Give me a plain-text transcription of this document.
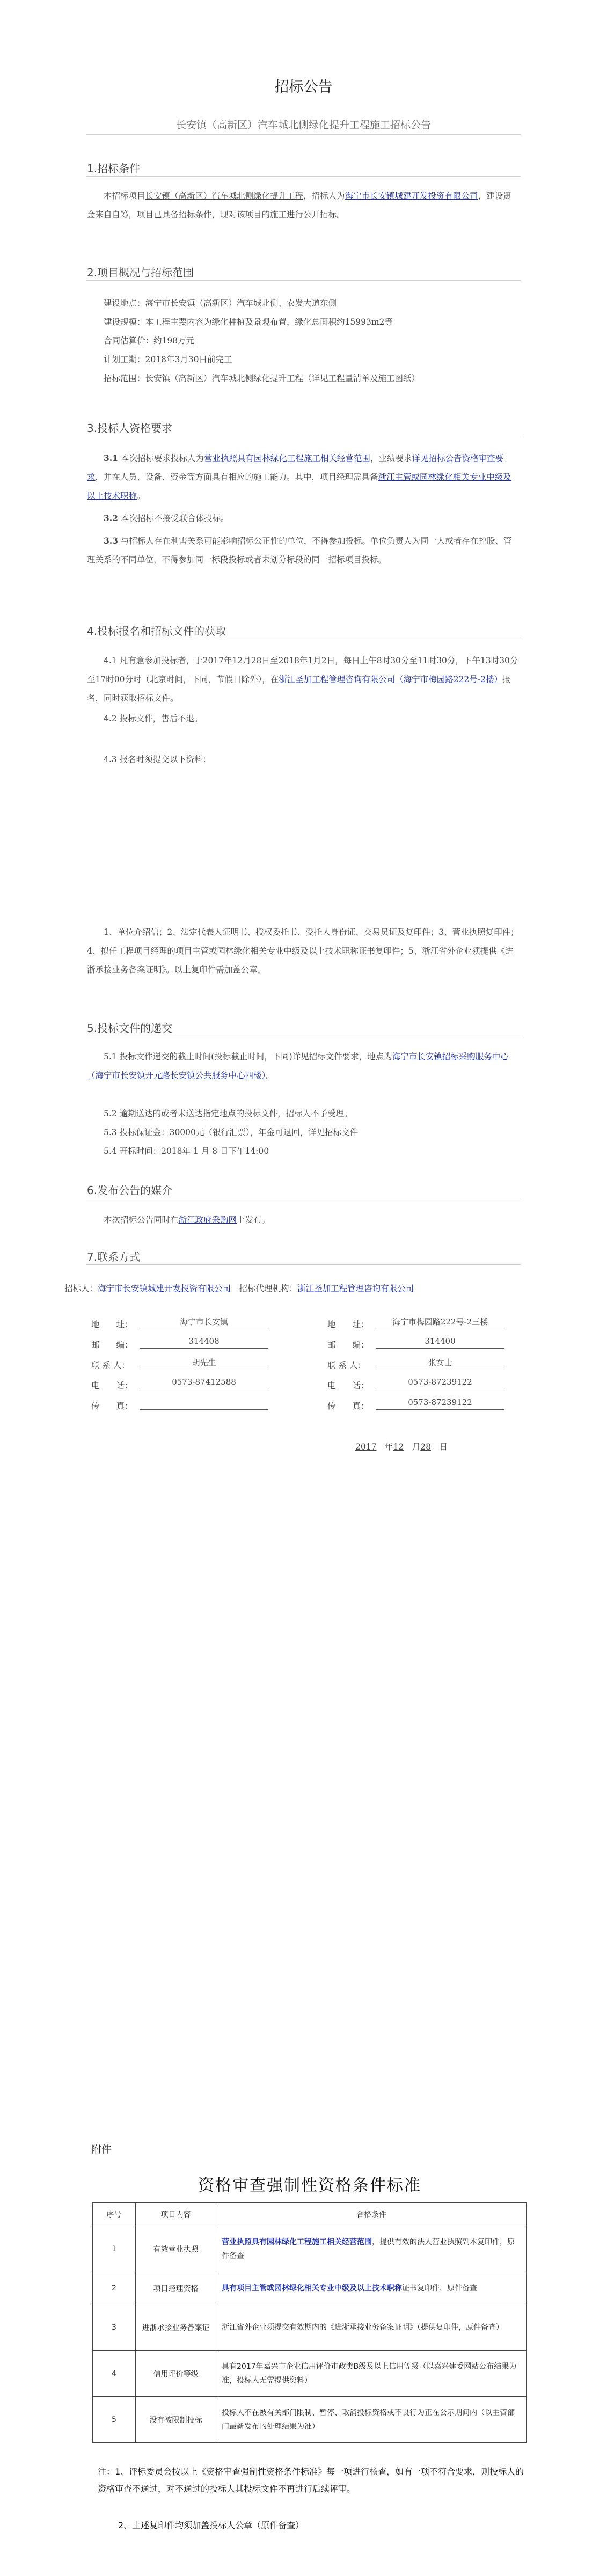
招标公告
长安镇（高新区）汽车城北侧绿化提升工程施工招标公告
1.招标条件
本招标项目长安镇（高新区）汽车城北侧绿化提升工程，招标人为海宁市长安镇城建开发投资有限公司，建设资金来自自筹，项目已具备招标条件，现对该项目的施工进行公开招标。
2.项目概况与招标范围
建设地点：海宁市长安镇（高新区）汽车城北侧、农发大道东侧
建设规模：本工程主要内容为绿化种植及景观布置，绿化总面积约15993m2等
合同估算价：约198万元
计划工期：2018年3月30日前完工
招标范围：长安镇（高新区）汽车城北侧绿化提升工程（详见工程量清单及施工图纸）
3.投标人资格要求
3.1 本次招标要求投标人为营业执照具有园林绿化工程施工相关经营范围，业绩要求详见招标公告资格审查要求，并在人员、设备、资金等方面具有相应的施工能力。其中，项目经理需具备浙江主管或园林绿化相关专业中级及以上技术职称。
3.2 本次招标不接受联合体投标。
3.3 与招标人存在利害关系可能影响招标公正性的单位，不得参加投标。单位负责人为同一人或者存在控股、管理关系的不同单位，不得参加同一标段投标或者未划分标段的同一招标项目投标。
4.投标报名和招标文件的获取
4.1 凡有意参加投标者，于2017年12月28日至2018年1月2日，每日上午8时30分至11时30分，下午13时30分至17时00分时（北京时间，下同，节假日除外），在浙江圣加工程管理咨询有限公司（海宁市梅园路222号-2楼）报名，同时获取招标文件。
4.2 投标文件，售后不退。
4.3 报名时须提交以下资料：
1、单位介绍信；2、法定代表人证明书、授权委托书、受托人身份证、交易员证及复印件；3、营业执照复印件；4、拟任工程项目经理的项目主管或园林绿化相关专业中级及以上技术职称证书复印件；5、浙江省外企业须提供《进浙承接业务备案证明》。以上复印件需加盖公章。
5.投标文件的递交
5.1 投标文件递交的截止时间(投标截止时间，下同)详见招标文件要求，地点为海宁市长安镇招标采购服务中心（海宁市长安镇开元路长安镇公共服务中心四楼）。
5.2 逾期送达的或者未送达指定地点的投标文件，招标人不予受理。
5.3 投标保证金：30000元（银行汇票），年金可退回，详见招标文件
5.4 开标时间：2018年 1 月 8 日下午14:00
6.发布公告的媒介
本次招标公告同时在浙江政府采购网上发布。
7.联系方式
招标人：海宁市长安镇城建开发投资有限公司　 招标代理机构：浙江圣加工程管理咨询有限公司
地　　址：	海宁市长安镇	地　　址：	海宁市梅园路222号-2三楼
邮　　编：	314408	邮　　编：	314400
联 系 人：	胡先生	联 系 人：	张女士
电　　话：	0573-87412588	电　　话：	0573-87239122
传　　真：	传　　真：	0573-87239122
2017　年12　月28　日
附件
资格审查强制性资格条件标准
序号	项目内容	合格条件
1	有效营业执照	营业执照具有园林绿化工程施工相关经营范围，提供有效的法人营业执照副本复印件，原件备查
2	项目经理资格	具有项目主管或园林绿化相关专业中级及以上技术职称证书复印件，原件备查
3	进浙承接业务备案证	浙江省外企业须提交有效期内的《进浙承接业务备案证明》（提供复印件，原件备查）
4	信用评价等级	具有2017年嘉兴市企业信用评价市政类B级及以上信用等级（以嘉兴建委网站公布结果为准，投标人无需提供资料）
5	没有被限制投标	投标人不在被有关部门限制、暂停、取消投标资格或不良行为正在公示期间内（以主管部门最新发布的处理结果为准）
注：1、评标委员会按以上《资格审查强制性资格条件标准》每一项进行核查，如有一项不符合要求，则投标人的资格审查不通过，对不通过的投标人其投标文件不再进行后续评审。
2、上述复印件均须加盖投标人公章（原件备查）
